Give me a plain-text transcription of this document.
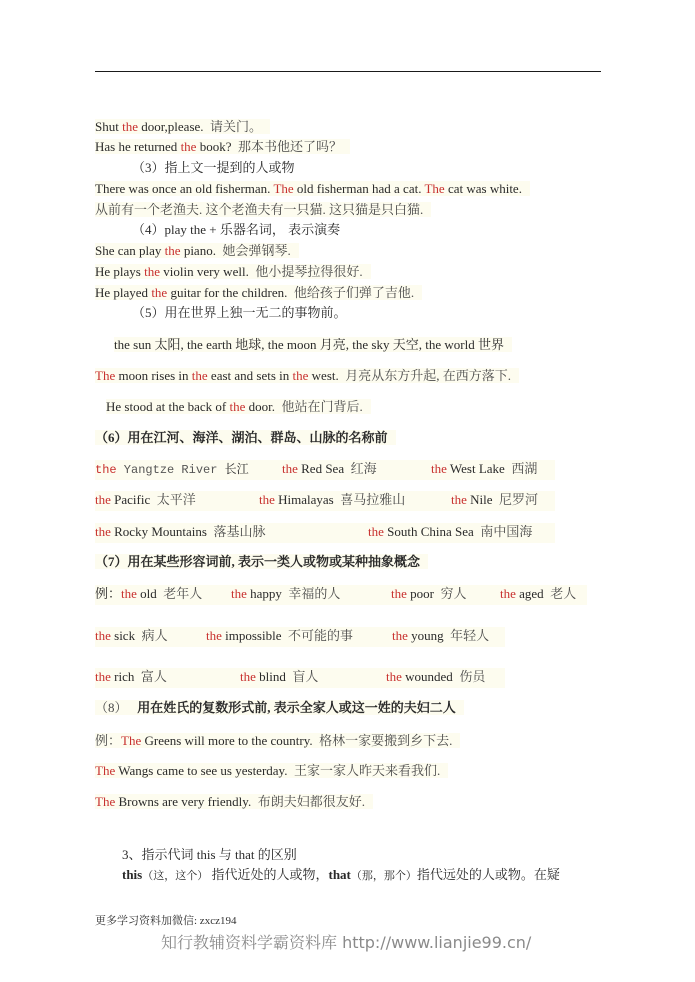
Shut the door,please. 请关门。
Has he returned the book? 那本书他还了吗？
（3）指上文一提到的人或物
There was once an old fisherman. The old fisherman had a cat. The cat was white.
从前有一个老渔夫. 这个老渔夫有一只猫. 这只猫是只白猫.
（4）play the + 乐器名词， 表示演奏
She can play the piano. 她会弹钢琴.
He plays the violin very well. 他小提琴拉得很好.
He played the guitar for the children. 他给孩子们弹了吉他.
（5）用在世界上独一无二的事物前。
the sun 太阳, the earth 地球, the moon 月亮, the sky 天空, the world 世界
The moon rises in the east and sets in the west. 月亮从东方升起, 在西方落下.
He stood at the back of the door. 他站在门背后.
（6）用在江河、海洋、湖泊、群岛、山脉的名称前
the Yangtze River 长江	the Red Sea 红海	the West Lake 西湖
the Pacific 太平洋	the Himalayas 喜马拉雅山	the Nile 尼罗河
the Rocky Mountains 落基山脉	the South China Sea 南中国海
（7）用在某些形容词前, 表示一类人或物或某种抽象概念
例：the old 老年人 the happy 幸福的人	the poor 穷人	the aged 老人
the sick 病人	the impossible 不可能的事	the young 年轻人
the rich 富人	the blind 盲人	the wounded 伤员
（8） 用在姓氏的复数形式前, 表示全家人或这一姓的夫妇二人
例：The Greens will more to the country. 格林一家要搬到乡下去.
The Wangs came to see us yesterday. 王家一家人昨天来看我们.
The Browns are very friendly. 布朗夫妇都很友好.
3、指示代词 this 与 that 的区别
this（这，这个） 指代近处的人或物，that（那，那个）指代远处的人或物。在疑
更多学习资料加微信: zxcz194
知行教辅资料学霸资料库 http://www.lianjie99.cn/
